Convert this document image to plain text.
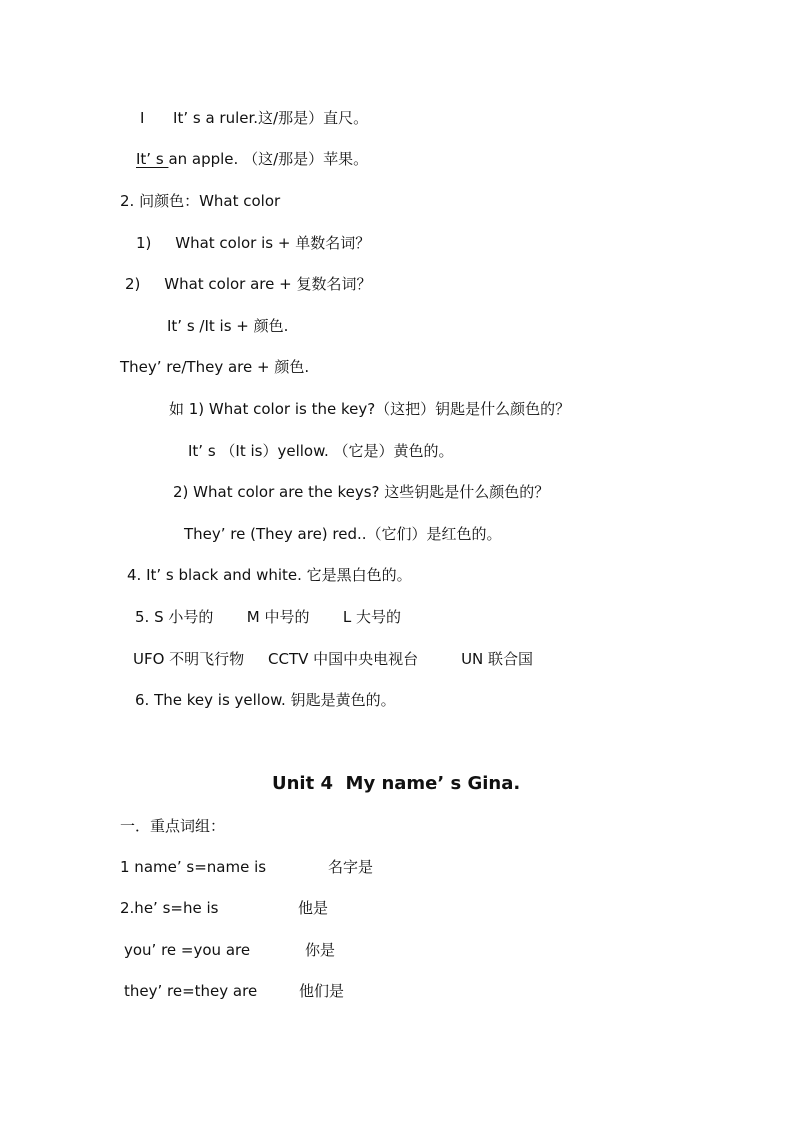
I      It’ s a ruler.这/那是）直尺。

It’ s an apple. （这/那是）苹果。

2. 问颜色：What color

1)     What color is + 单数名词？

2)     What color are + 复数名词？

It’ s /It is + 颜色.

They’ re/They are + 颜色.

如 1) What color is the key?（这把）钥匙是什么颜色的？

It’ s （It is）yellow. （它是）黄色的。

2) What color are the keys? 这些钥匙是什么颜色的？

They’ re (They are) red..（它们）是红色的。

4. It’ s black and white. 它是黑白色的。

5. S 小号的       M 中号的       L 大号的

UFO 不明飞行物     CCTV 中国中央电视台         UN 联合国

6. The key is yellow. 钥匙是黄色的。

Unit 4  My name’ s Gina.

一．重点词组：

1 name’ s=name is	名字是

2.he’ s=he is	他是

you’ re =you are	你是

they’ re=they are	他们是
